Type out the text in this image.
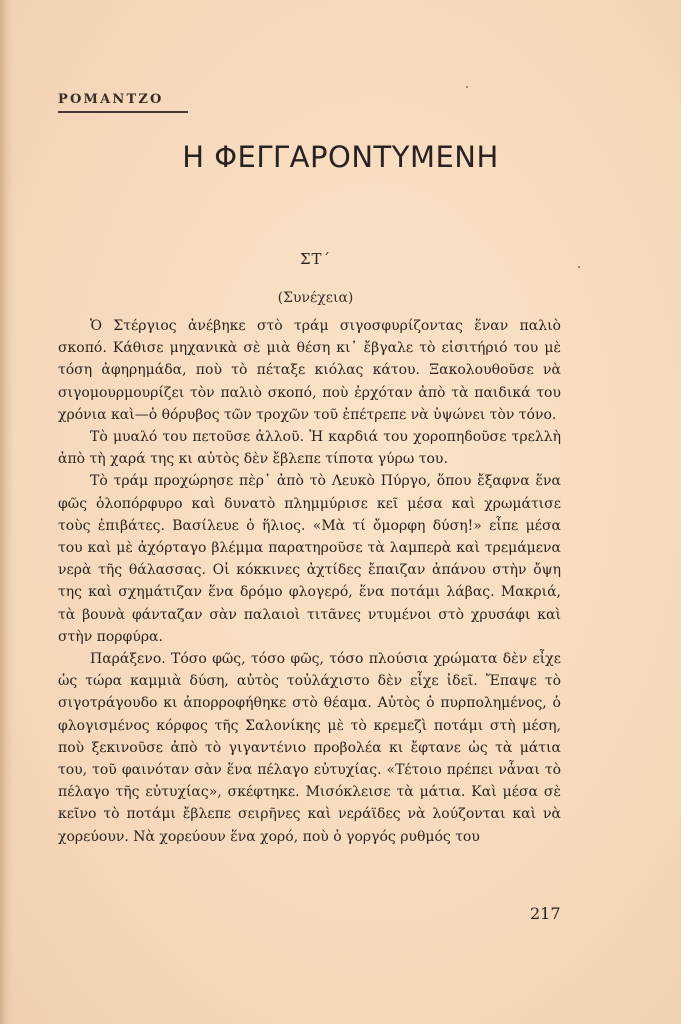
ΡΟΜΑΝΤΖΟ
Η ΦΕΓΓΑΡΟΝΤΥΜΕΝΗ
ΣΤ΄
(Συνέχεια)

Ὁ Στέργιος ἀνέβηκε στὸ τράμ σιγοσφυρίζοντας ἕναν παλιὸ σκοπό. Κάθισε μηχανικὰ σὲ μιὰ θέση κι᾿ ἔβγαλε τὸ εἰσιτήριό του μὲ τόση ἀφηρημάδα, ποὺ τὸ πέταξε κιόλας κάτου. Ξακολουθοῦσε νὰ σιγομουρμουρίζει τὸν παλιὸ σκοπό, ποὺ ἐρχόταν ἀπὸ τὰ παιδικά του χρόνια καὶ—ὁ θόρυβος τῶν τροχῶν τοῦ ἐπέτρεπε νὰ ὑψώνει τὸν τόνο.

Τὸ μυαλό του πετοῦσε ἀλλοῦ. Ἡ καρδιά του χοροπηδοῦσε τρελλὴ ἀπὸ τὴ χαρά της κι αὐτὸς δὲν ἔβλεπε τίποτα γύρω του.

Τὸ τράμ προχώρησε πὲρ᾿ ἀπὸ τὸ Λευκὸ Πύργο, ὅπου ἔξαφνα ἕνα φῶς ὁλοπόρφυρο καὶ δυνατὸ πλημμύρισε κεῖ μέσα καὶ χρωμάτισε τοὺς ἐπιβάτες. Βασίλευε ὁ ἥλιος. «Μὰ τί ὄμορφη δύση!» εἶπε μέσα του καὶ μὲ ἀχόρταγο βλέμμα παρατηροῦσε τὰ λαμπερὰ καὶ τρεμάμενα νερὰ τῆς θάλασσας. Οἱ κόκκινες ἀχτίδες ἔπαιζαν ἀπάνου στὴν ὄψη της καὶ σχημάτιζαν ἕνα δρόμο φλογερό, ἕνα ποτάμι λάβας. Μακριά, τὰ βουνὰ φάνταζαν σὰν παλαιοὶ τιτᾶνες ντυμένοι στὸ χρυσάφι καὶ στὴν πορφύρα.

Παράξενο. Τόσο φῶς, τόσο φῶς, τόσο πλούσια χρώματα δὲν εἶχε ὡς τώρα καμμιὰ δύση, αὐτὸς τοὐλάχιστο δὲν εἶχε ἰδεῖ. Ἔπαψε τὸ σιγοτράγουδο κι ἀπορροφήθηκε στὸ θέαμα. Αὐτὸς ὁ πυρπολημένος, ὁ φλογισμένος κόρφος τῆς Σαλονίκης μὲ τὸ κρεμεζὶ ποτάμι στὴ μέση, ποὺ ξεκινοῦσε ἀπὸ τὸ γιγαντένιο προβολέα κι ἔφτανε ὡς τὰ μάτια του, τοῦ φαινόταν σὰν ἕνα πέλαγο εὐτυχίας. «Τέτοιο πρέπει νἆναι τὸ πέλαγο τῆς εὐτυχίας», σκέφτηκε. Μισόκλεισε τὰ μάτια. Καὶ μέσα σὲ κεῖνο τὸ ποτάμι ἔβλεπε σειρῆνες καὶ νεράϊδες νὰ λούζονται καὶ νὰ χορεύουν. Νὰ χορεύουν ἕνα χορό, ποὺ ὁ γοργός ρυθμός του

217
